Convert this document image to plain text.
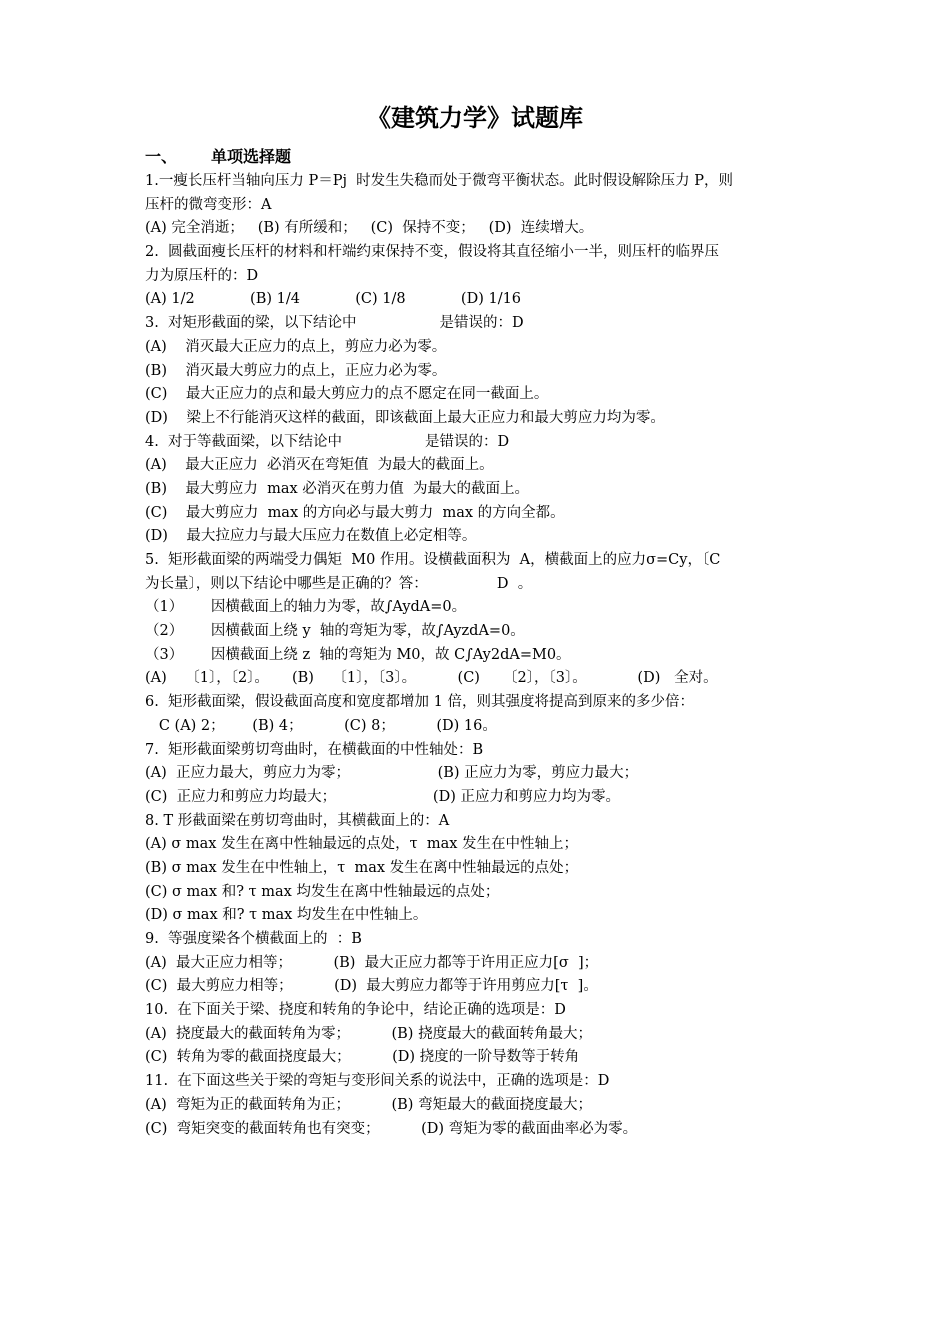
《建筑力学》试题库
一、 单项选择题
1.一瘦长压杆当轴向压力 P＝Pj  时发生失稳而处于微弯平衡状态。此时假设解除压力 P，则
压杆的微弯变形：A
(A) 完全消逝；   (B) 有所缓和；   (C)  保持不变；   (D)  连续增大。
2.  圆截面瘦长压杆的材料和杆端约束保持不变，假设将其直径缩小一半，则压杆的临界压
力为原压杆的：D
(A) 1/2            (B) 1/4            (C) 1/8            (D) 1/16
3.  对矩形截面的梁，以下结论中                  是错误的：D
(A)    消灭最大正应力的点上，剪应力必为零。
(B)    消灭最大剪应力的点上，正应力必为零。
(C)    最大正应力的点和最大剪应力的点不愿定在同一截面上。
(D)    梁上不行能消灭这样的截面，即该截面上最大正应力和最大剪应力均为零。
4.  对于等截面梁，以下结论中                  是错误的：D
(A)    最大正应力  必消灭在弯矩值  为最大的截面上。
(B)    最大剪应力  max 必消灭在剪力值  为最大的截面上。
(C)    最大剪应力  max 的方向必与最大剪力  max 的方向全都。
(D)    最大拉应力与最大压应力在数值上必定相等。
5.  矩形截面梁的两端受力偶矩  M0 作用。设横截面积为  A，横截面上的应力σ=Cy，〔C
为长量〕，则以下结论中哪些是正确的？答：               D  。
（1）      因横截面上的轴力为零，故∫AydA=0。
（2）      因横截面上绕 y  轴的弯矩为零，故∫AyzdA=0。
（3）      因横截面上绕 z  轴的弯矩为 M0，故 C∫Ay2dA=M0。
(A)    〔1〕，〔2〕。     (B)    〔1〕，〔3〕。         (C)     〔2〕，〔3〕。           (D)   全对。
6.  矩形截面梁，假设截面高度和宽度都增加 1 倍，则其强度将提高到原来的多少倍：
C (A) 2；      (B) 4；         (C) 8；         (D) 16。
7.  矩形截面梁剪切弯曲时，在横截面的中性轴处：B
(A)  正应力最大，剪应力为零；                   (B) 正应力为零，剪应力最大；
(C)  正应力和剪应力均最大；                     (D) 正应力和剪应力均为零。
8. T 形截面梁在剪切弯曲时，其横截面上的：A
(A) σ max 发生在离中性轴最远的点处，τ  max 发生在中性轴上；
(B) σ max 发生在中性轴上，τ  max 发生在离中性轴最远的点处；
(C) σ max 和? τ max 均发生在离中性轴最远的点处；
(D) σ max 和? τ max 均发生在中性轴上。
9.  等强度梁各个横截面上的  ：B
(A)  最大正应力相等；         (B)  最大正应力都等于许用正应力[σ  ]；
(C)  最大剪应力相等；         (D)  最大剪应力都等于许用剪应力[τ  ]。
10.  在下面关于梁、挠度和转角的争论中，结论正确的选项是：D
(A)  挠度最大的截面转角为零；         (B) 挠度最大的截面转角最大；
(C)  转角为零的截面挠度最大；         (D) 挠度的一阶导数等于转角
11.  在下面这些关于梁的弯矩与变形间关系的说法中，正确的选项是：D
(A)  弯矩为正的截面转角为正；         (B) 弯矩最大的截面挠度最大；
(C)  弯矩突变的截面转角也有突变；         (D) 弯矩为零的截面曲率必为零。
